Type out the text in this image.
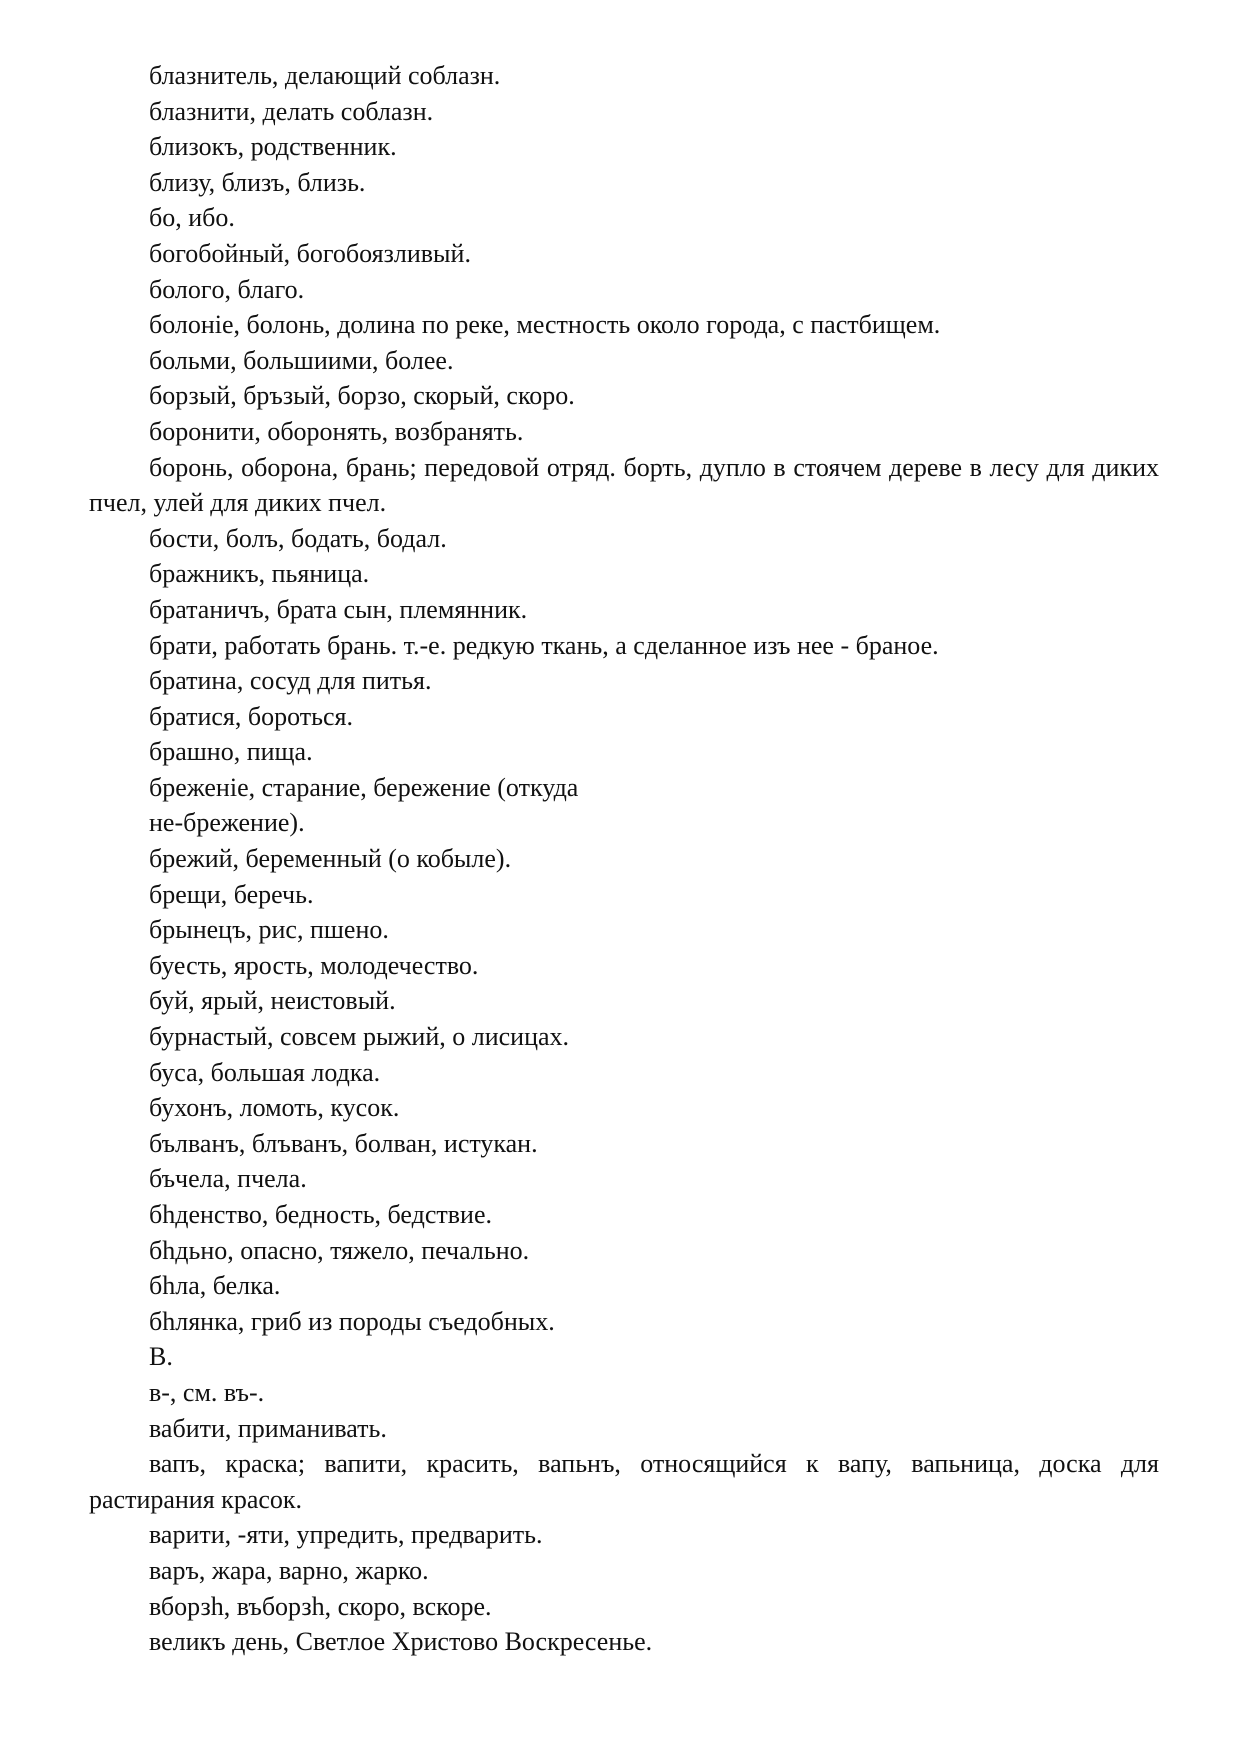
блазнитель, делающий соблазн.

блазнити, делать соблазн.

близокъ, родственник.

близу, близъ, близь.

бо, ибо.

богобойный, богобоязливый.

бологo, благо.

болоніе, болонь, долина по реке, местность около города, с пастбищем.

больми, большиими, более.

борзый, бръзый, борзо, скорый, скоро.

боронити, оборонять, возбранять.

боронь, оборона, брань; передовой отряд. борть, дупло в стоячем дереве в лесу для диких пчел, улей для диких пчел.

бости, болъ, бодать, бодал.

бражникъ, пьяница.

братаничъ, брата сын, племянник.

брати, работать брань. т.-е. редкую ткань, а сделанное изъ нее - браное.

братина, сосуд для питья.

братися, бороться.

брашно, пища.

бреженіе, старание, бережение (откуда

не-брежение).

брежий, беременный (о кобыле).

брещи, беречь.

брынецъ, рис, пшено.

буесть, ярость, молодечество.

буй, ярый, неистовый.

бурнастый, совсем рыжий, о лисицах.

буса, большая лодка.

бухонъ, ломоть, кусок.

бълванъ, блъванъ, болван, истукан.

бъчела, пчела.

бhденство, бедность, бедствие.

бhдьно, опасно, тяжело, печально.

бhла, белка.

бhлянка, гриб из породы съедобных.

В.

в-, см. въ-.

вабити, приманивать.

вапъ, краска; вапити, красить, вапьнъ, относящийся к вапу, вапьница, доска для растирания красок.

варити, -яти, упредить, предварить.

варъ, жара, варно, жарко.

вборзh, въборзh, скоро, вскоре.

великъ день, Светлое Христово Воскресенье.
